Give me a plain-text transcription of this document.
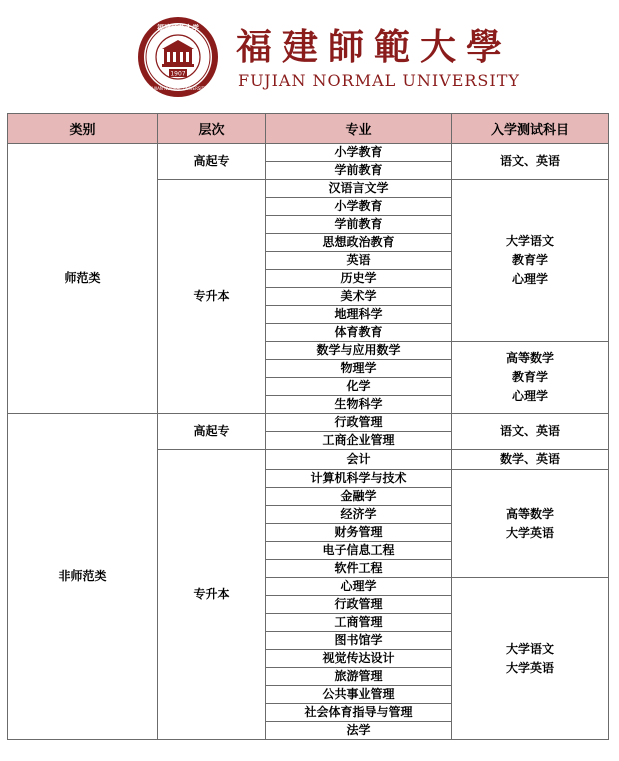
1907
福建师范大学
FUJIAN NORMAL UNIVERSITY
福建師範大學
FUJIAN NORMAL UNIVERSITY
类别	层次	专业	入学测试科目
师范类	高起专	小学教育	语文、英语

		学前教育	
	专升本	汉语言文学	大学语文
教育学
心理学

		小学教育	
		学前教育	
		思想政治教育	
		英语	
		历史学	
		美术学	
		地理科学	
		体育教育	
		数学与应用数学	高等数学
教育学
心理学

		物理学	
		化学	
		生物科学	
非师范类	高起专	行政管理	语文、英语

		工商企业管理	
	专升本	会计	数学、英语

		计算机科学与技术	高等数学
大学英语

		金融学	
		经济学	
		财务管理	
		电子信息工程	
		软件工程	
		心理学	大学语文
大学英语

		行政管理	
		工商管理	
		图书馆学	
		视觉传达设计	
		旅游管理	
		公共事业管理	
		社会体育指导与管理	
		法学	
